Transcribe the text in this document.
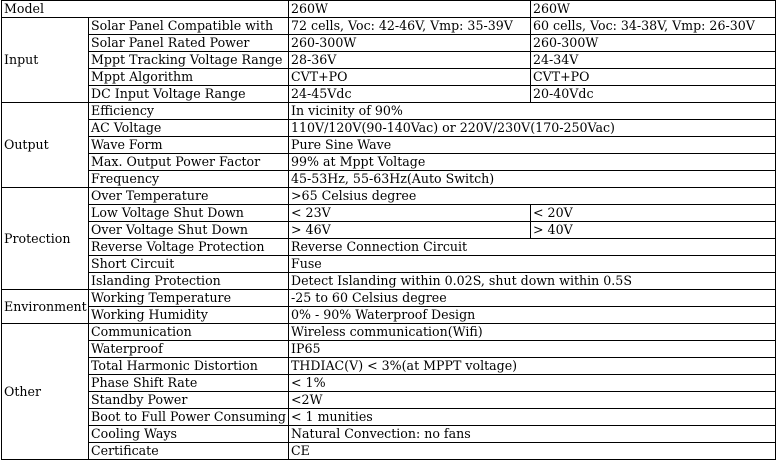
Model		260W	260W
Input	Solar Panel Compatible with	72 cells, Voc: 42-46V, Vmp: 35-39V	60 cells, Voc: 34-38V, Vmp: 26-30V
	Solar Panel Rated Power	260-300W	260-300W
	Mppt Tracking Voltage Range	28-36V	24-34V
	Mppt Algorithm	CVT+PO	CVT+PO
	DC Input Voltage Range	24-45Vdc	20-40Vdc
Output	Efficiency	In vicinity of 90%	
	AC Voltage	110V/120V(90-140Vac) or 220V/230V(170-250Vac)	
	Wave Form	Pure Sine Wave	
	Max. Output Power Factor	99% at Mppt Voltage	
	Frequency	45-53Hz, 55-63Hz(Auto Switch)	
Protection	Over Temperature	>65 Celsius degree	
	Low Voltage Shut Down	< 23V	< 20V
	Over Voltage Shut Down	> 46V	> 40V
	Reverse Voltage Protection	Reverse Connection Circuit	
	Short Circuit	Fuse	
	Islanding Protection	Detect Islanding within 0.02S, shut down within 0.5S	
Environment	Working Temperature	-25 to 60 Celsius degree	
	Working Humidity	0% - 90% Waterproof Design	
Other	Communication	Wireless communication(Wifi)	
	Waterproof	IP65	
	Total Harmonic Distortion	THDIAC(V) < 3%(at MPPT voltage)	
	Phase Shift Rate	< 1%	
	Standby Power	<2W	
	Boot to Full Power Consuming	< 1 munities	
	Cooling Ways	Natural Convection: no fans	
	Certificate	CE	
